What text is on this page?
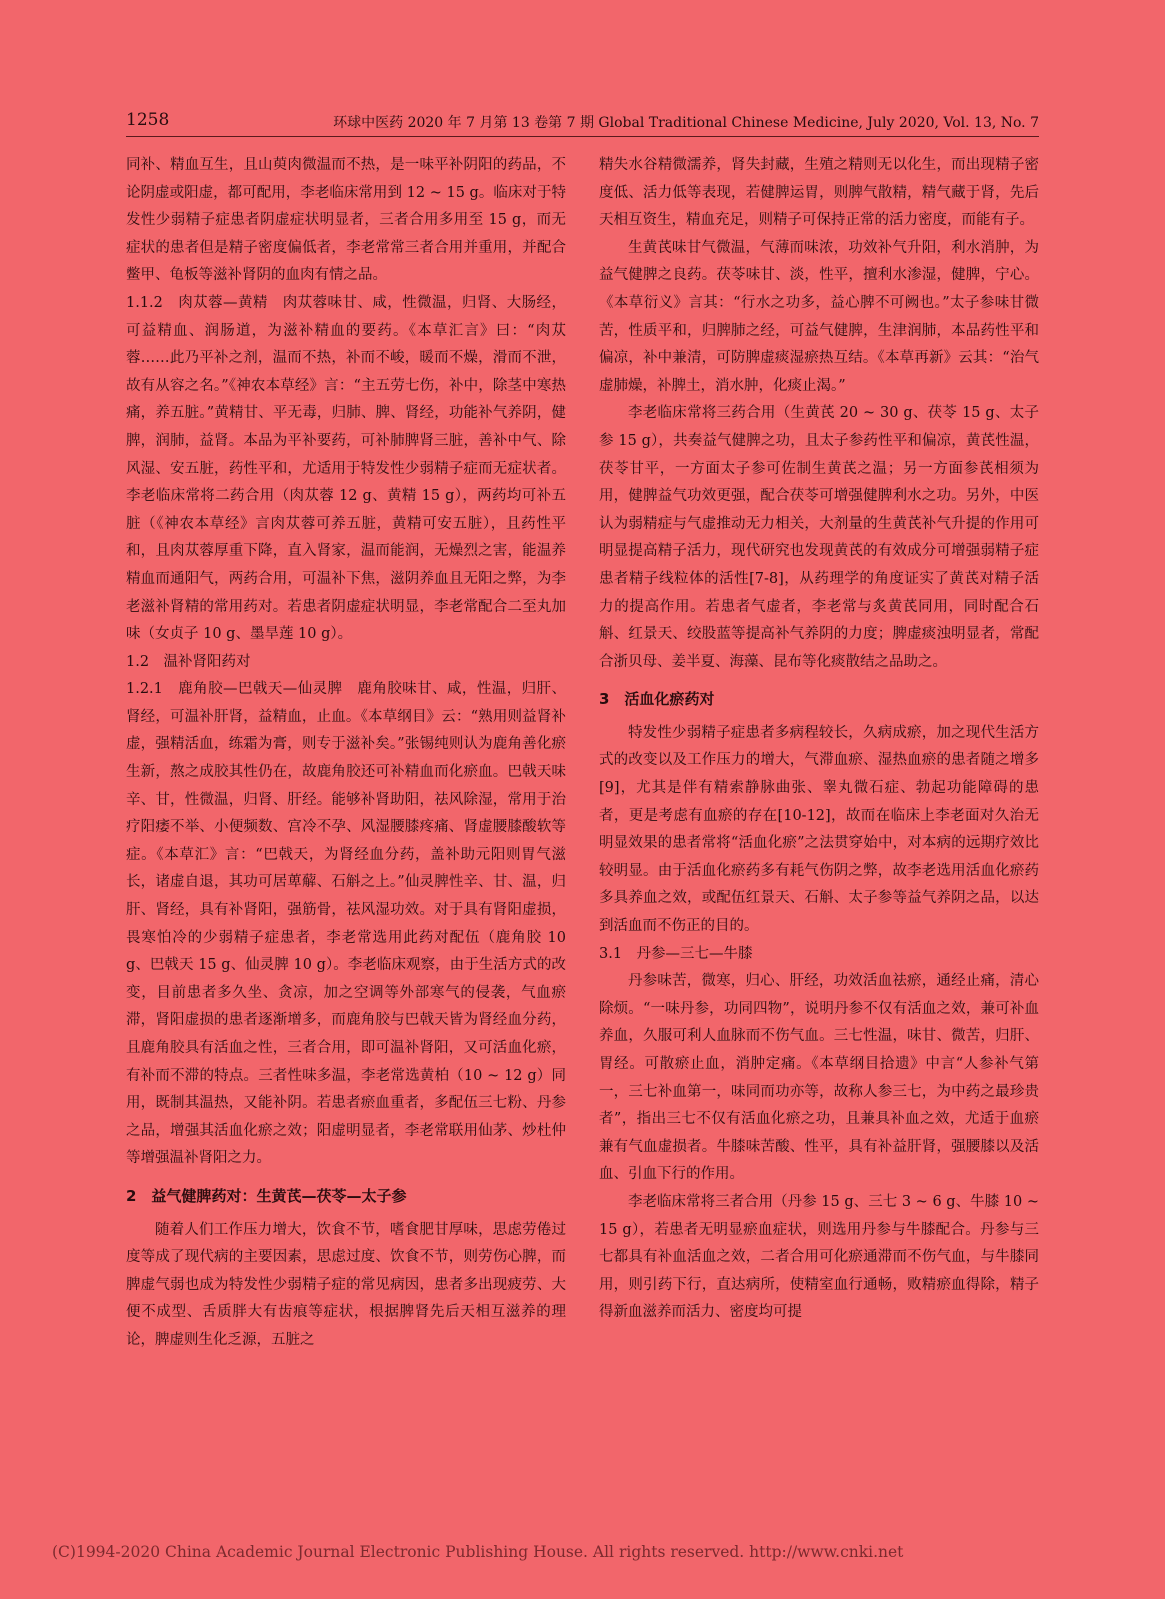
1258	环球中医药 2020 年 7 月第 13 卷第 7 期 Global Traditional Chinese Medicine, July 2020, Vol. 13, No. 7

同补、精血互生，且山萸肉微温而不热，是一味平补阴阳的药品，不论阴虚或阳虚，都可配用，李老临床常用到 12 ~ 15 g。临床对于特发性少弱精子症患者阴虚症状明显者，三者合用多用至 15 g，而无症状的患者但是精子密度偏低者，李老常常三者合用并重用，并配合鳖甲、龟板等滋补肾阴的血肉有情之品。

1.1.2　肉苁蓉—黄精　肉苁蓉味甘、咸，性微温，归肾、大肠经，可益精血、润肠道，为滋补精血的要药。《本草汇言》曰：“肉苁蓉……此乃平补之剂，温而不热，补而不峻，暖而不燥，滑而不泄，故有从容之名。”《神农本草经》言：“主五劳七伤，补中，除茎中寒热痛，养五脏。”黄精甘、平无毒，归肺、脾、肾经，功能补气养阴，健脾，润肺，益肾。本品为平补要药，可补肺脾肾三脏，善补中气、除风湿、安五脏，药性平和，尤适用于特发性少弱精子症而无症状者。李老临床常将二药合用（肉苁蓉 12 g、黄精 15 g），两药均可补五脏（《神农本草经》言肉苁蓉可养五脏，黄精可安五脏），且药性平和，且肉苁蓉厚重下降，直入肾家，温而能润，无燥烈之害，能温养精血而通阳气，两药合用，可温补下焦，滋阴养血且无阳之弊，为李老滋补肾精的常用药对。若患者阴虚症状明显，李老常配合二至丸加味（女贞子 10 g、墨旱莲 10 g）。

1.2　温补肾阳药对

1.2.1　鹿角胶—巴戟天—仙灵脾　鹿角胶味甘、咸，性温，归肝、肾经，可温补肝肾，益精血，止血。《本草纲目》云：“熟用则益肾补虚，强精活血，练霜为膏，则专于滋补矣。”张锡纯则认为鹿角善化瘀生新，熬之成胶其性仍在，故鹿角胶还可补精血而化瘀血。巴戟天味辛、甘，性微温，归肾、肝经。能够补肾助阳，祛风除湿，常用于治疗阳痿不举、小便频数、宫冷不孕、风湿腰膝疼痛、肾虚腰膝酸软等症。《本草汇》言：“巴戟天，为肾经血分药，盖补助元阳则胃气滋长，诸虚自退，其功可居萆薢、石斛之上。”仙灵脾性辛、甘、温，归肝、肾经，具有补肾阳，强筋骨，祛风湿功效。对于具有肾阳虚损，畏寒怕冷的少弱精子症患者，李老常选用此药对配伍（鹿角胶 10 g、巴戟天 15 g、仙灵脾 10 g）。李老临床观察，由于生活方式的改变，目前患者多久坐、贪凉，加之空调等外部寒气的侵袭，气血瘀滞，肾阳虚损的患者逐渐增多，而鹿角胶与巴戟天皆为肾经血分药，且鹿角胶具有活血之性，三者合用，即可温补肾阳，又可活血化瘀，有补而不滞的特点。三者性味多温，李老常选黄柏（10 ~ 12 g）同用，既制其温热，又能补阴。若患者瘀血重者，多配伍三七粉、丹参之品，增强其活血化瘀之效；阳虚明显者，李老常联用仙茅、炒杜仲等增强温补肾阳之力。

2　益气健脾药对：生黄芪—茯苓—太子参

随着人们工作压力增大，饮食不节，嗜食肥甘厚味，思虑劳倦过度等成了现代病的主要因素，思虑过度、饮食不节，则劳伤心脾，而脾虚气弱也成为特发性少弱精子症的常见病因，患者多出现疲劳、大便不成型、舌质胖大有齿痕等症状，根据脾肾先后天相互滋养的理论，脾虚则生化乏源，五脏之

精失水谷精微濡养，肾失封藏，生殖之精则无以化生，而出现精子密度低、活力低等表现，若健脾运胃，则脾气散精，精气藏于肾，先后天相互资生，精血充足，则精子可保持正常的活力密度，而能有子。

生黄芪味甘气微温，气薄而味浓，功效补气升阳，利水消肿，为益气健脾之良药。茯苓味甘、淡，性平，擅利水渗湿，健脾，宁心。《本草衍义》言其：“行水之功多，益心脾不可阙也。”太子参味甘微苦，性质平和，归脾肺之经，可益气健脾，生津润肺，本品药性平和偏凉，补中兼清，可防脾虚痰湿瘀热互结。《本草再新》云其：“治气虚肺燥，补脾土，消水肿，化痰止渴。”

李老临床常将三药合用（生黄芪 20 ~ 30 g、茯苓 15 g、太子参 15 g），共奏益气健脾之功，且太子参药性平和偏凉，黄芪性温，茯苓甘平，一方面太子参可佐制生黄芪之温；另一方面参芪相须为用，健脾益气功效更强，配合茯苓可增强健脾利水之功。另外，中医认为弱精症与气虚推动无力相关，大剂量的生黄芪补气升提的作用可明显提高精子活力，现代研究也发现黄芪的有效成分可增强弱精子症患者精子线粒体的活性[7-8]，从药理学的角度证实了黄芪对精子活力的提高作用。若患者气虚者，李老常与炙黄芪同用，同时配合石斛、红景天、绞股蓝等提高补气养阴的力度；脾虚痰浊明显者，常配合浙贝母、姜半夏、海藻、昆布等化痰散结之品助之。

3　活血化瘀药对

特发性少弱精子症患者多病程较长，久病成瘀，加之现代生活方式的改变以及工作压力的增大，气滞血瘀、湿热血瘀的患者随之增多[9]，尤其是伴有精索静脉曲张、睾丸微石症、勃起功能障碍的患者，更是考虑有血瘀的存在[10-12]，故而在临床上李老面对久治无明显效果的患者常将“活血化瘀”之法贯穿始中，对本病的远期疗效比较明显。由于活血化瘀药多有耗气伤阴之弊，故李老选用活血化瘀药多具养血之效，或配伍红景天、石斛、太子参等益气养阴之品，以达到活血而不伤正的目的。

3.1　丹参—三七—牛膝

丹参味苦，微寒，归心、肝经，功效活血祛瘀，通经止痛，清心除烦。“一味丹参，功同四物”，说明丹参不仅有活血之效，兼可补血养血，久服可利人血脉而不伤气血。三七性温，味甘、微苦，归肝、胃经。可散瘀止血，消肿定痛。《本草纲目拾遗》中言“人参补气第一，三七补血第一，味同而功亦等，故称人参三七，为中药之最珍贵者”，指出三七不仅有活血化瘀之功，且兼具补血之效，尤适于血瘀兼有气血虚损者。牛膝味苦酸、性平，具有补益肝肾，强腰膝以及活血、引血下行的作用。

李老临床常将三者合用（丹参 15 g、三七 3 ~ 6 g、牛膝 10 ~ 15 g），若患者无明显瘀血症状，则选用丹参与牛膝配合。丹参与三七都具有补血活血之效，二者合用可化瘀通滞而不伤气血，与牛膝同用，则引药下行，直达病所，使精室血行通畅，败精瘀血得除，精子得新血滋养而活力、密度均可提

(C)1994-2020 China Academic Journal Electronic Publishing House. All rights reserved. http://www.cnki.net
